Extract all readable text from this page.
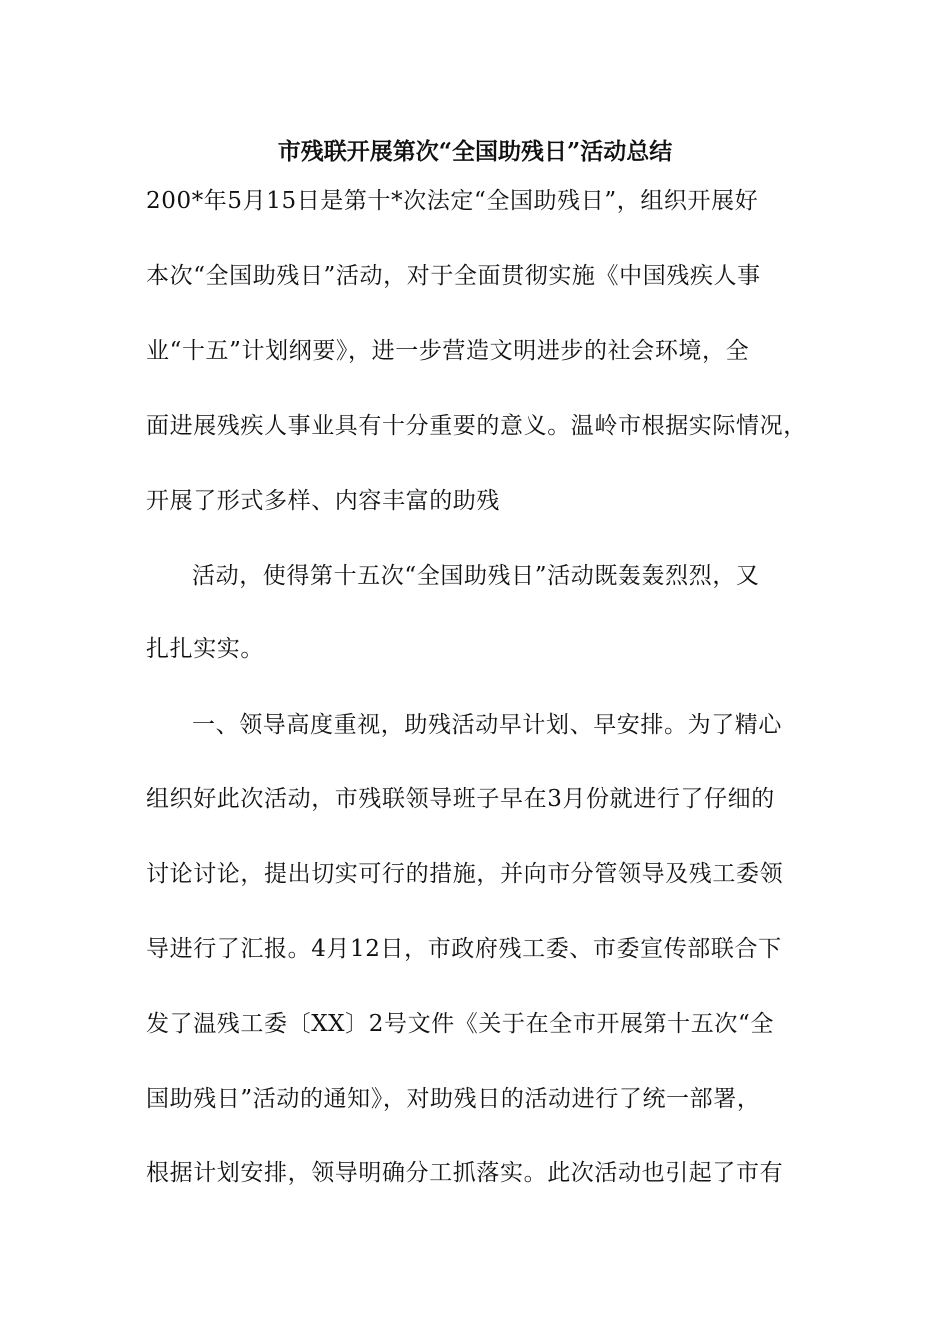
市残联开展第次“全国助残日”活动总结
200*年5月15日是第十*次法定“全国助残日”，组织开展好
本次“全国助残日”活动，对于全面贯彻实施《中国残疾人事
业“十五”计划纲要》，进一步营造文明进步的社会环境，全
面进展残疾人事业具有十分重要的意义。温岭市根据实际情况，
开展了形式多样、内容丰富的助残
活动，使得第十五次“全国助残日”活动既轰轰烈烈，又
扎扎实实。
一、领导高度重视，助残活动早计划、早安排。为了精心
组织好此次活动，市残联领导班子早在3月份就进行了仔细的
讨论讨论，提出切实可行的措施，并向市分管领导及残工委领
导进行了汇报。4月12日，市政府残工委、市委宣传部联合下
发了温残工委〔XX〕2号文件《关于在全市开展第十五次“全
国助残日”活动的通知》，对助残日的活动进行了统一部署，
根据计划安排，领导明确分工抓落实。此次活动也引起了市有
